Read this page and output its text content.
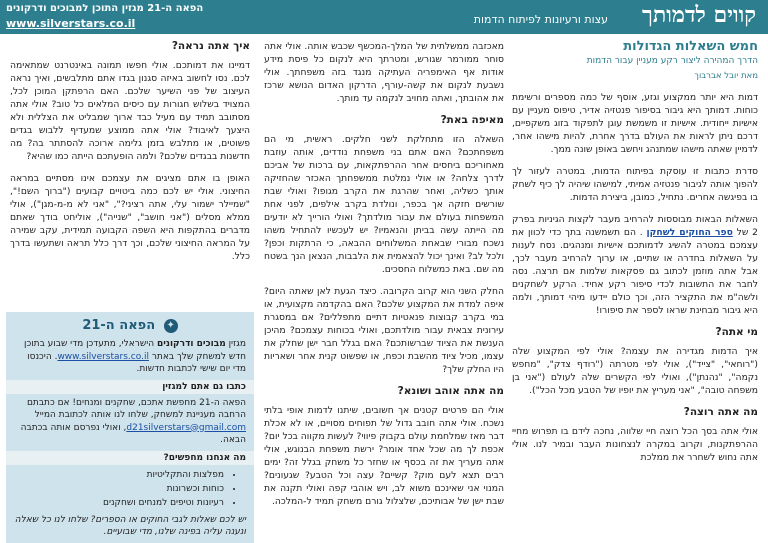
קווים לדמותך
עצות ורעיונות לפיתוח הדמות
הפאה ה-21 מגזין התוכן למבוכים ודרקונים
www.silverstars.co.il
חמש השאלות הגדולות
הדרך המהירה ליצור רקע מעניין עבור הדמות
מאת יובל אברבוך

דמות היא יותר ממקצוע וגזע, אוסף של כמה מספרים ורשימת כוחות. דמותך היא גיבור בסיפור פנטזיה אדיר, טיפוס מעניין עם אישיות ייחודית. אישיות זו משמשת עוגן לתפקוד בזוג משקפיים, דרכם ניתן לראות את העולם בדרך אחרת, להיות מישהו אחר, לדמיין שאתה מישהו שמתנהג ויחשב באופן שונה ממך.

סדרת כתבות זו עוסקת בפיתוח הדמות, במטרה לעזור לך להפוך אותה לגיבור פנטזיה אמיתי, למישהו שיהיה לך כיף לשחק בו בפיגשה אחרים. נתחיל, כמובן, ביצירת הדמות.

השאלות הבאות מבוססות להרחיב מעבר לקצות הגיניות בפרק 2 של ספר החוקים לשחקן . הם תשמשנה בתך כדי לכוון את עצמכם במטרה להשיג לדמותכם אישיות ומנהגים. נסח לענות על השאלות בחדרה או שתיים, או ערוך להרחיב מעבר לכך, אבל אתה מוזמן לכתוב גם פסקאות שלמות אם תרצה. נסה לחבר את התשובות לכדי סיפור רקע אחיד. הרקע לשחקנים ולשה"מ את התקציר הזה, וכך כולם יידעו מיהי דמותך, ולמה היא גיבור מבחינת שראו לספר את סיפורו!

מי אתה?

איך הדמות מגדירה את עצמה? אולי לפי המקצוע שלה ("רוחאי", "צייד"), אולי לפי מטרתה ("רודף צדק", "מחפש נקמה", "נהנתן"), ואולי לפי הקשרים שלה לעולם ("אני בן משפחה טובה", "אני מעריץ את יופיו של הטבע מכל הכל").

מה אתה רוצה?

אולי אתה בסך הכל רוצה חיי שלווה, נחכה לידם בו תפרוש מחיי ההרפתקנות, וקרוב במקרה לנצחונות העבר ובמיר לנו. אולי אתה נחוש לשחרר את ממלכת

מאכזבה ממשלתית של המלך-המכשף שכבש אותה. אולי אתה סוחר ממורמר שגורש, ומטרתך היא לנקום כל פיסת מידע אודות אף האימפריה העתיקה מנגד בזה משפחתך. אולי נשבעת לנקום את קשה-עורף, הדרקון האדום הנושא שרכז את אהובתך, ואתה מחויב לנקמה עד מותך.

מאיפה באת?

השאלה הזו מתחלקת לשני חלקים. ראשית, מי הם משפחתכם? האם אתם בני משפחת נודדים, אותה עוזבת מאחוריכם ביחסים אחר ההרפתקאות, עם ברכות של אביכם לדרך צלחה? או אולי נמלטת ממשפחתך האכזר שהחזיקה אותך כשליה, ואחר שהרגת את הקרב מגופו? ואולי שבת שורשים חזקה אך בכפר, ונולדת בקרב אילפים, לפני אחת המשפחות בעולם את עבור מולדתך? ואולי הורייך לא יודעים מה הייתה עשה בביתן והנאמיו? יש לעכשיו להתחיל משהו נשכח מבורי שבאחת המשלוחים ההבאה, כי הרתקות וכפן? ולכל לב? ואינך יכול להצאמית את הלבבות, הנצאן הנך בשטח מה שם. באת כמשלוח החסכים.

החלק השני הוא קרוב הקרובה. כיצד הגעת לאן שאתה היום? איפה למדת את המקצוע שלכם? האם בהקדמה מקצועית, או במי בקרב קבוצות פנאטיות דתיים מתפללים? אם במסגרת עירונית צבאית עבור מולדתכם, ואולי בכוחות עצמכם? מהיכן הענשת את הציוד שברשותכם? האם בגלל חבר ישן שחלק את עצמו, מכיל ציוד מהשבת וכפח, או שפשוט קנית אחר ושאריות היו החלק שלך?

מה אתה אוהב ושונא?

אולי הם פרטים קטנים אך חשובים, שיתנו לדמות אופי בלתי נשכח. אולי אתה חובב גדול של תפוחים מסויים, או לא אכלת דבר מאז שמלחמת עולם בקבוק פיווי? לעשות מקווה בכל יום? אכפת לך מה שכל אחד אומר? ירשת משפחת הבנוגש, אולי אתה מעריך את זה בכסף או שחזר כל משחק בגלל זה? ימים רבים תצא לעם מוק? קשיים? עצה וכל הטבע? שגעונים? המנוי אני שאינכם משוא לב, ויש אוהבי קפה ואולי תקנה את שבת ישן של אבותיכם, שלצלול גורם משחק תמיד ל-המלכה.

איך אתה נראה?

דמיינו את דמותכם. אולי חפשו תמונה באינטרנט שמתאימה לכם. נסו לחשוב באיזה סגנון בגדו אתם מתלבשים, ואיך נראה העיצוב של פני השיער שלכם. האם הרפתקן המוכן לכל, המצויד בשלוש חגורות עם כיסים המלאים כל טוב? אולי אתה מסתובב תמיד עם מעיל כבד ארוך שמבליט את הצללית ולא היצעך לאיבוד? אולי אתה ממוצע שמעדיף ללבוש בגדים פשוטים, או מתלבש בזמן גלימה ארוכה להסתתר בה? מה חדשנות בבגדים שלכם? ולמה הופעתכם הייתה כמו שהיא?

האופן בו אתם מציגים את עצמכם אינו מסתיים במראה החיצוני. אולי יש לכם כמה ביטויים קבועים ("ברוך השם!", "שמיילר ישמור עלי, אתה רציני?", "אני לא מ-מ-מגן"), אולי ממלא מסלים ("אני חושב", "שנייה"), אוליחט בודך שאתם מדברים בהתקפות היא השפה הקבועה תמידית, עקב שמירה על המראה החיצוני שלכם, וכך דרך כלל תראה ושתעשו בדרך כלל.

✦ הפאה ה-21
מגזין מבוכים ודרקונים הישראלי, מתעדכן מדי שבוע בתוכן חדש למשחק שלך באתר www.silverstars.co.il. היכנסו מדי יום שישי לכתבות חדשות.
כתבו גם אתם למגזין
הפאה ה-21 מחפשת אתכם, שחקנים ומנחים! אם כתבתם הרחבה מעניינת למשחק, שלחו לנו אותה לכתובת המייל d21silverstars@gmail.com, ואולי נפרסם אותה בכתבה הבאה.
מה אנחנו מחפשים?
• מפלצות והתקליטיות
• כוחות וכשרונות
• רעיונות וטיפים למנחים ושחקנים
יש לכם שאלות לגבי החוקים או הספרים? שלחו לנו כל שאלה ונענה עליה בפינה שלנו, מדי שבועיים.
